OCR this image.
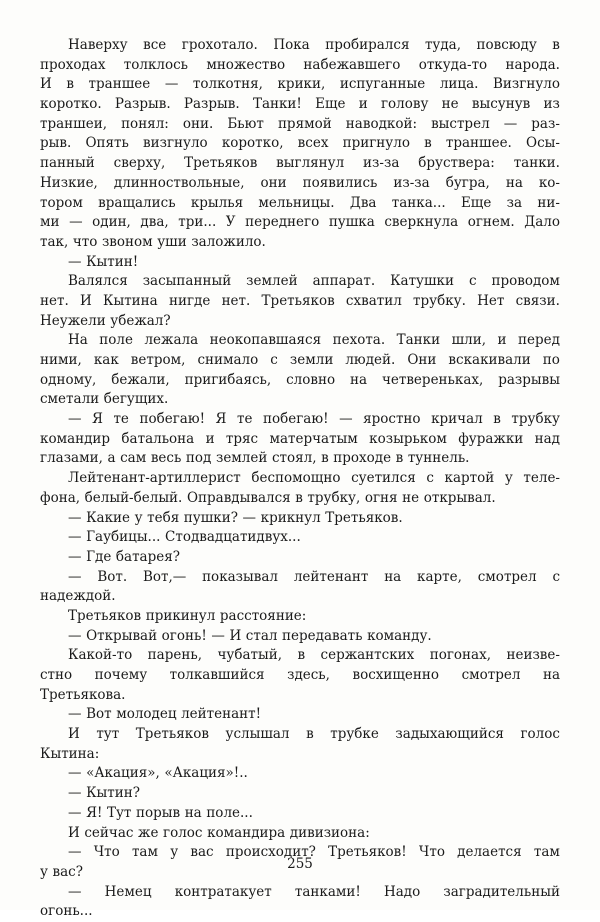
Наверху все грохотало. Пока пробирался туда, повсюду в
проходах толклось множество набежавшего откуда-то народа.
И в траншее — толкотня, крики, испуганные лица. Визгнуло
коротко. Разрыв. Разрыв. Танки! Еще и голову не высунув из
траншеи, понял: они. Бьют прямой наводкой: выстрел — раз-
рыв. Опять визгнуло коротко, всех пригнуло в траншее. Осы-
панный сверху, Третьяков выглянул из-за бруствера: танки.
Низкие, длинноствольные, они появились из-за бугра, на ко-
тором вращались крылья мельницы. Два танка... Еще за ни-
ми — один, два, три... У переднего пушка сверкнула огнем. Дало
так, что звоном уши заложило.
— Кытин!
Валялся засыпанный землей аппарат. Катушки с проводом
нет. И Кытина нигде нет. Третьяков схватил трубку. Нет связи.
Неужели убежал?
На поле лежала неокопавшаяся пехота. Танки шли, и перед
ними, как ветром, снимало с земли людей. Они вскакивали по
одному, бежали, пригибаясь, словно на четвереньках, разрывы
сметали бегущих.
— Я те побегаю! Я те побегаю! — яростно кричал в трубку
командир батальона и тряс матерчатым козырьком фуражки над
глазами, а сам весь под землей стоял, в проходе в туннель.
Лейтенант-артиллерист беспомощно суетился с картой у теле-
фона, белый-белый. Оправдывался в трубку, огня не открывал.
— Какие у тебя пушки? — крикнул Третьяков.
— Гаубицы... Стодвадцатидвух...
— Где батарея?
— Вот. Вот,— показывал лейтенант на карте, смотрел с
надеждой.
Третьяков прикинул расстояние:
— Открывай огонь! — И стал передавать команду.
Какой-то парень, чубатый, в сержантских погонах, неизве-
стно почему толкавшийся здесь, восхищенно смотрел на
Третьякова.
— Вот молодец лейтенант!
И тут Третьяков услышал в трубке задыхающийся голос
Кытина:
— «Акация», «Акация»!..
— Кытин?
— Я! Тут порыв на поле...
И сейчас же голос командира дивизиона:
— Что там у вас происходит? Третьяков! Что делается там
у вас?
— Немец контратакует танками! Надо заградительный
огонь...
255
